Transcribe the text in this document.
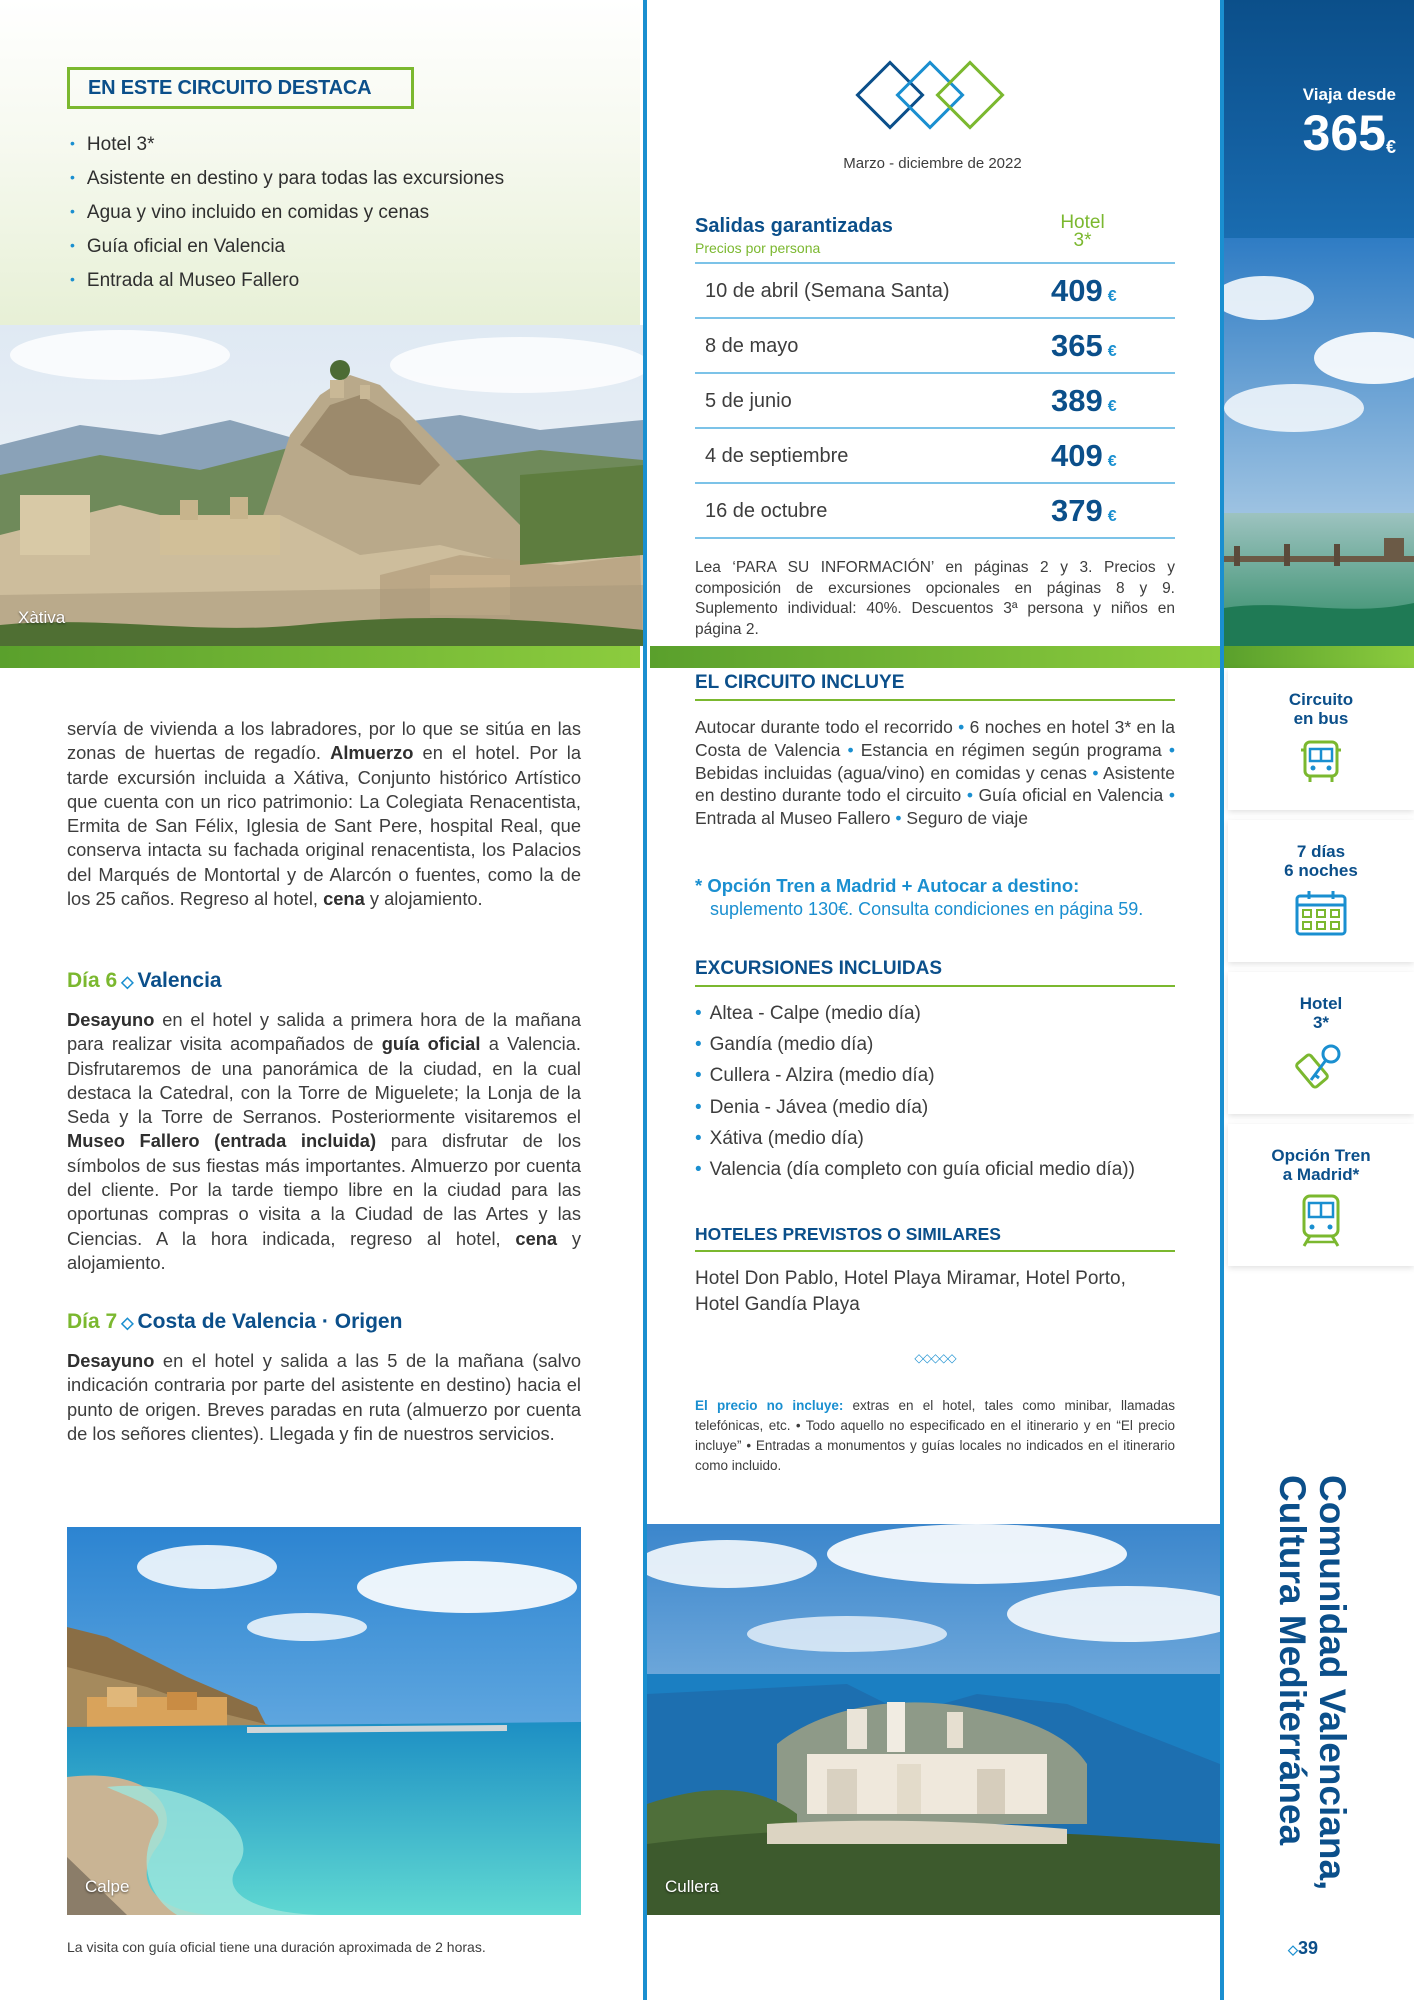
EN ESTE CIRCUITO DESTACA
• Hotel 3*
• Asistente en destino y para todas las excursiones
• Agua y vino incluido en comidas y cenas
• Guía oficial en Valencia
• Entrada al Museo Fallero
Xàtiva
servía de vivienda a los labradores, por lo que se sitúa en las zonas de huertas de regadío. Almuerzo en el hotel. Por la tarde excursión incluida a Xátiva, Conjunto histórico Artístico que cuenta con un rico patrimonio: La Colegiata Renacentista, Ermita de San Félix, Iglesia de Sant Pere, hospital Real, que conserva intacta su fachada original renacentista, los Palacios del Marqués de Montortal y de Alarcón o fuentes, como la de los 25 caños. Regreso al hotel, cena y alojamiento.
Día 6 ◇ Valencia
Desayuno en el hotel y salida a primera hora de la mañana para realizar visita acompañados de guía oficial a Valencia. Disfrutaremos de una panorámica de la ciudad, en la cual destaca la Catedral, con la Torre de Miguelete; la Lonja de la Seda y la Torre de Serranos. Posteriormente visitaremos el Museo Fallero (entrada incluida) para disfrutar de los símbolos de sus fiestas más importantes. Almuerzo por cuenta del cliente. Por la tarde tiempo libre en la ciudad para las oportunas compras o visita a la Ciudad de las Artes y las Ciencias. A la hora indicada, regreso al hotel, cena y alojamiento.
Día 7 ◇ Costa de Valencia · Origen
Desayuno en el hotel y salida a las 5 de la mañana (salvo indicación contraria por parte del asistente en destino) hacia el punto de origen. Breves paradas en ruta (almuerzo por cuenta de los señores clientes). Llegada y fin de nuestros servicios.
Calpe
La visita con guía oficial tiene una duración aproximada de 2 horas.
Marzo - diciembre de 2022
Salidas garantizadas
Precios por persona
Hotel
3*
10 de abril (Semana Santa)	409 €
8 de mayo	365 €
5 de junio	389 €
4 de septiembre	409 €
16 de octubre	379 €
Lea ‘PARA SU INFORMACIÓN’ en páginas 2 y 3. Precios y composición de excursiones opcionales en páginas 8 y 9. Suplemento individual: 40%. Descuentos 3ª persona y niños en página 2.
EL CIRCUITO INCLUYE
Autocar durante todo el recorrido • 6 noches en hotel 3* en la Costa de Valencia • Estancia en régimen según programa • Bebidas incluidas (agua/vino) en comidas y cenas • Asistente en destino durante todo el circuito • Guía oficial en Valencia • Entrada al Museo Fallero • Seguro de viaje
* Opción Tren a Madrid + Autocar a destino:
suplemento 130€. Consulta condiciones en página 59.
EXCURSIONES INCLUIDAS
• Altea - Calpe (medio día)
• Gandía (medio día)
• Cullera - Alzira (medio día)
• Denia - Jávea (medio día)
• Xátiva (medio día)
• Valencia (día completo con guía oficial medio día))
HOTELES PREVISTOS O SIMILARES
Hotel Don Pablo, Hotel Playa Miramar, Hotel Porto, Hotel Gandía Playa
◇◇◇◇◇
El precio no incluye: extras en el hotel, tales como minibar, llamadas telefónicas, etc. • Todo aquello no especificado en el itinerario y en “El precio incluye” • Entradas a monumentos y guías locales no indicados en el itinerario como incluido.
Cullera
Viaja desde
365€
Circuito
en bus
7 días
6 noches
Hotel
3*
Opción Tren
a Madrid*
Comunidad Valenciana,
Cultura Mediterránea
◇39
